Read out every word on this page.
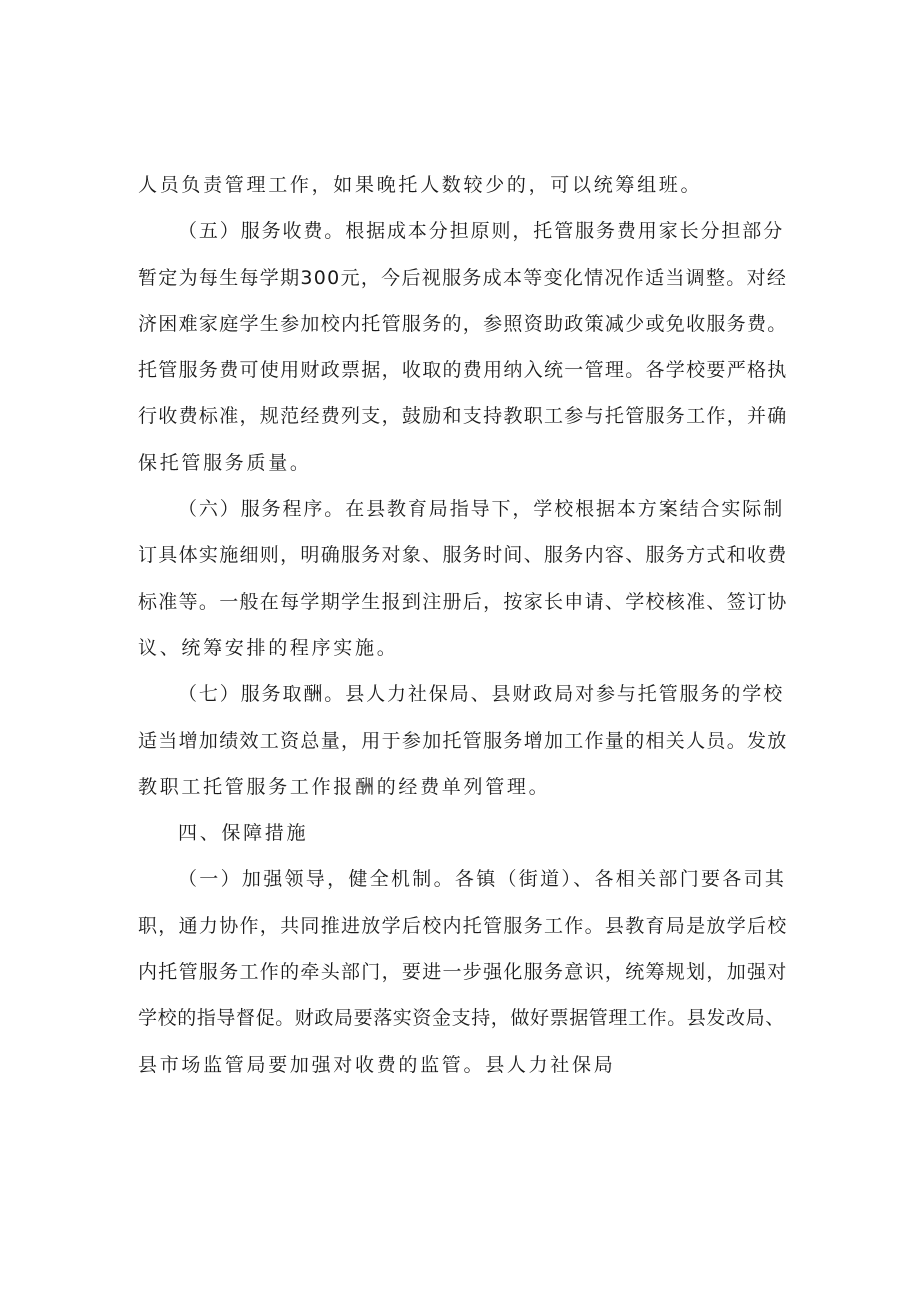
人员负责管理工作，如果晚托人数较少的，可以统筹组班。
（五）服务收费。根据成本分担原则，托管服务费用家长分担部分
暂定为每生每学期300元，今后视服务成本等变化情况作适当调整。对经
济困难家庭学生参加校内托管服务的，参照资助政策减少或免收服务费。
托管服务费可使用财政票据，收取的费用纳入统一管理。各学校要严格执
行收费标准，规范经费列支，鼓励和支持教职工参与托管服务工作，并确
保托管服务质量。
（六）服务程序。在县教育局指导下，学校根据本方案结合实际制
订具体实施细则，明确服务对象、服务时间、服务内容、服务方式和收费
标准等。一般在每学期学生报到注册后，按家长申请、学校核准、签订协
议、统筹安排的程序实施。
（七）服务取酬。县人力社保局、县财政局对参与托管服务的学校
适当增加绩效工资总量，用于参加托管服务增加工作量的相关人员。发放
教职工托管服务工作报酬的经费单列管理。
四、保障措施
（一）加强领导，健全机制。各镇（街道）、各相关部门要各司其
职，通力协作，共同推进放学后校内托管服务工作。县教育局是放学后校
内托管服务工作的牵头部门，要进一步强化服务意识，统筹规划，加强对
学校的指导督促。财政局要落实资金支持，做好票据管理工作。县发改局、
县市场监管局要加强对收费的监管。县人力社保局
